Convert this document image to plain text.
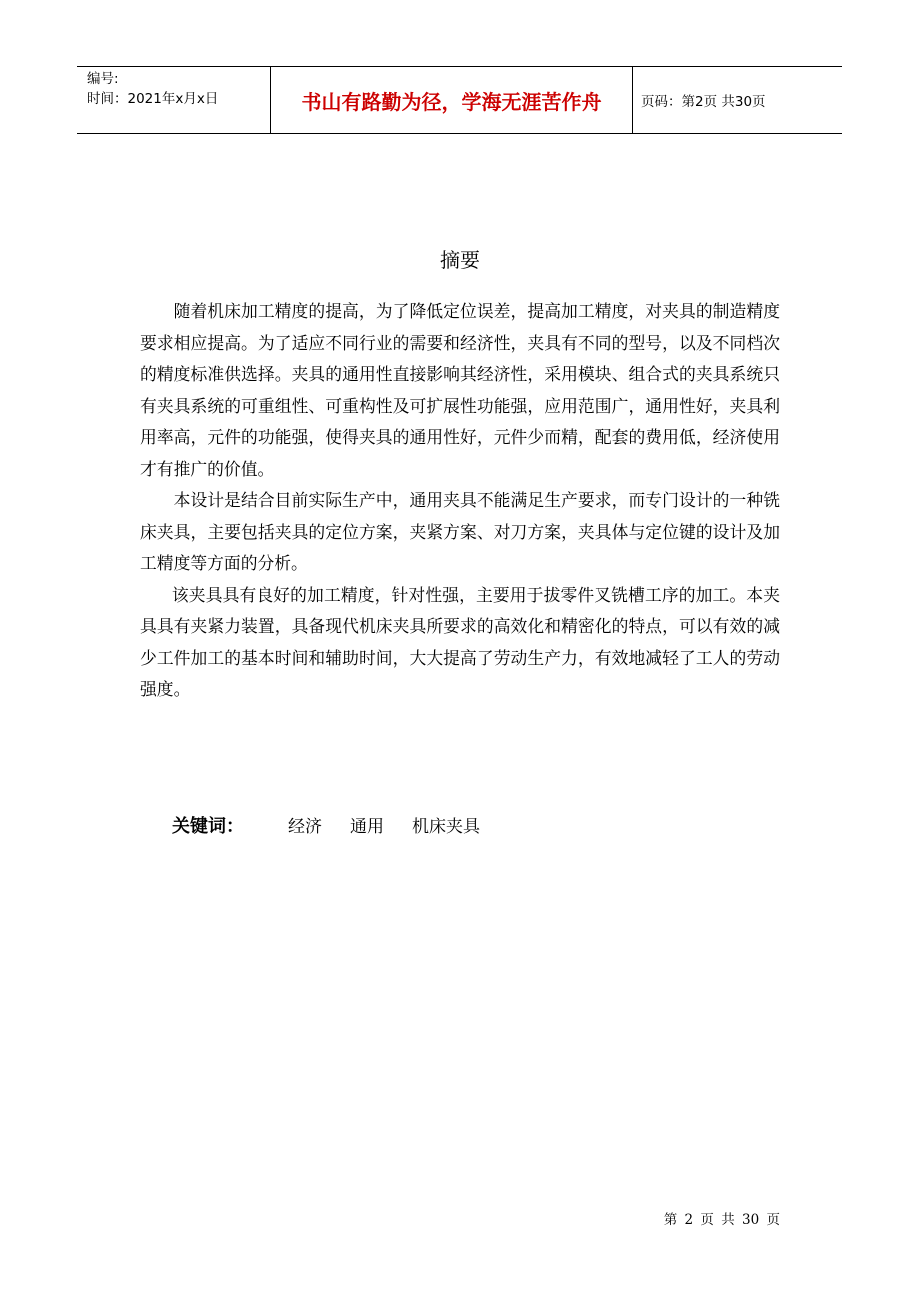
编号:
时间：2021年x月x日	书山有路勤为径，学海无涯苦作舟	页码：第2页 共30页
摘要

随着机床加工精度的提高，为了降低定位误差，提高加工精度，对夹具的制造精度要求相应提高。为了适应不同行业的需要和经济性，夹具有不同的型号，以及不同档次的精度标准供选择。夹具的通用性直接影响其经济性，采用模块、组合式的夹具系统只有夹具系统的可重组性、可重构性及可扩展性功能强，应用范围广，通用性好，夹具利用率高，元件的功能强，使得夹具的通用性好，元件少而精，配套的费用低，经济使用才有推广的价值。

本设计是结合目前实际生产中，通用夹具不能满足生产要求，而专门设计的一种铣床夹具，主要包括夹具的定位方案，夹紧方案、对刀方案，夹具体与定位键的设计及加工精度等方面的分析。

该夹具具有良好的加工精度，针对性强，主要用于拔零件叉铣槽工序的加工。本夹具具有夹紧力装置，具备现代机床夹具所要求的高效化和精密化的特点，可以有效的减少工件加工的基本时间和辅助时间，大大提高了劳动生产力，有效地减轻了工人的劳动强度。

关键词：	经济 通用 机床夹具
第 2 页 共 30 页
